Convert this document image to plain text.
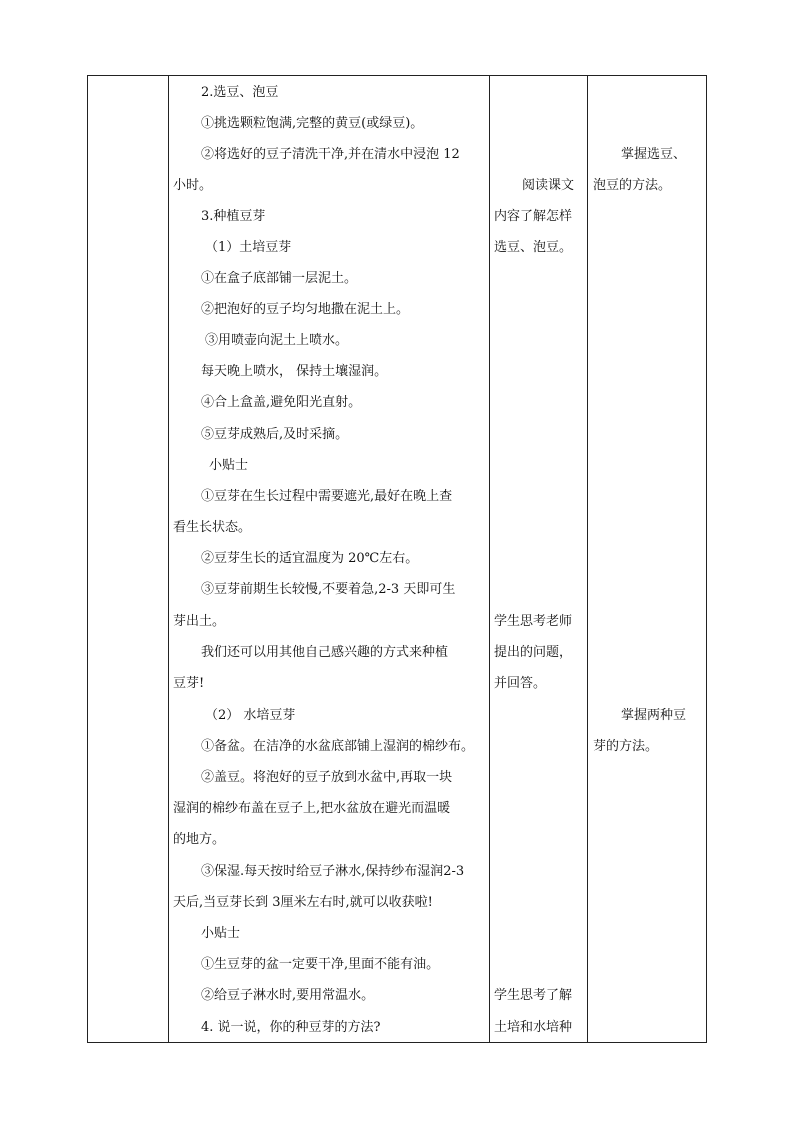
2.选豆、泡豆
①挑选颗粒饱满,完整的黄豆(或绿豆)。
②将选好的豆子清洗干净,并在清水中浸泡 12
小时。
3.种植豆芽
（1）土培豆芽
①在盒子底部铺一层泥土。
②把泡好的豆子均匀地撒在泥土上。
③用喷壶向泥土上喷水。
每天晚上喷水， 保持土壤湿润。
④合上盒盖,避免阳光直射。
⑤豆芽成熟后,及时采摘。
小贴士
①豆芽在生长过程中需要遮光,最好在晚上查
看生长状态。
②豆芽生长的适宜温度为 20℃左右。
③豆芽前期生长较慢,不要着急,2-3 天即可生
芽出土。
我们还可以用其他自己感兴趣的方式来种植
豆芽!
（2） 水培豆芽
①备盆。在洁净的水盆底部铺上湿润的棉纱布。
②盖豆。将泡好的豆子放到水盆中,再取一块
湿润的棉纱布盖在豆子上,把水盆放在避光而温暖
的地方。
③保湿.每天按时给豆子淋水,保持纱布湿润2-3
天后,当豆芽长到 3厘米左右时,就可以收获啦!
小贴士
①生豆芽的盆一定要干净,里面不能有油。
②给豆子淋水时,要用常温水。
4. 说一说，你的种豆芽的方法?
阅读课文
内容了解怎样
选豆、泡豆。
学生思考老师
提出的问题，
并回答。
学生思考了解
土培和水培种
掌握选豆、
泡豆的方法。
掌握两种豆
芽的方法。
